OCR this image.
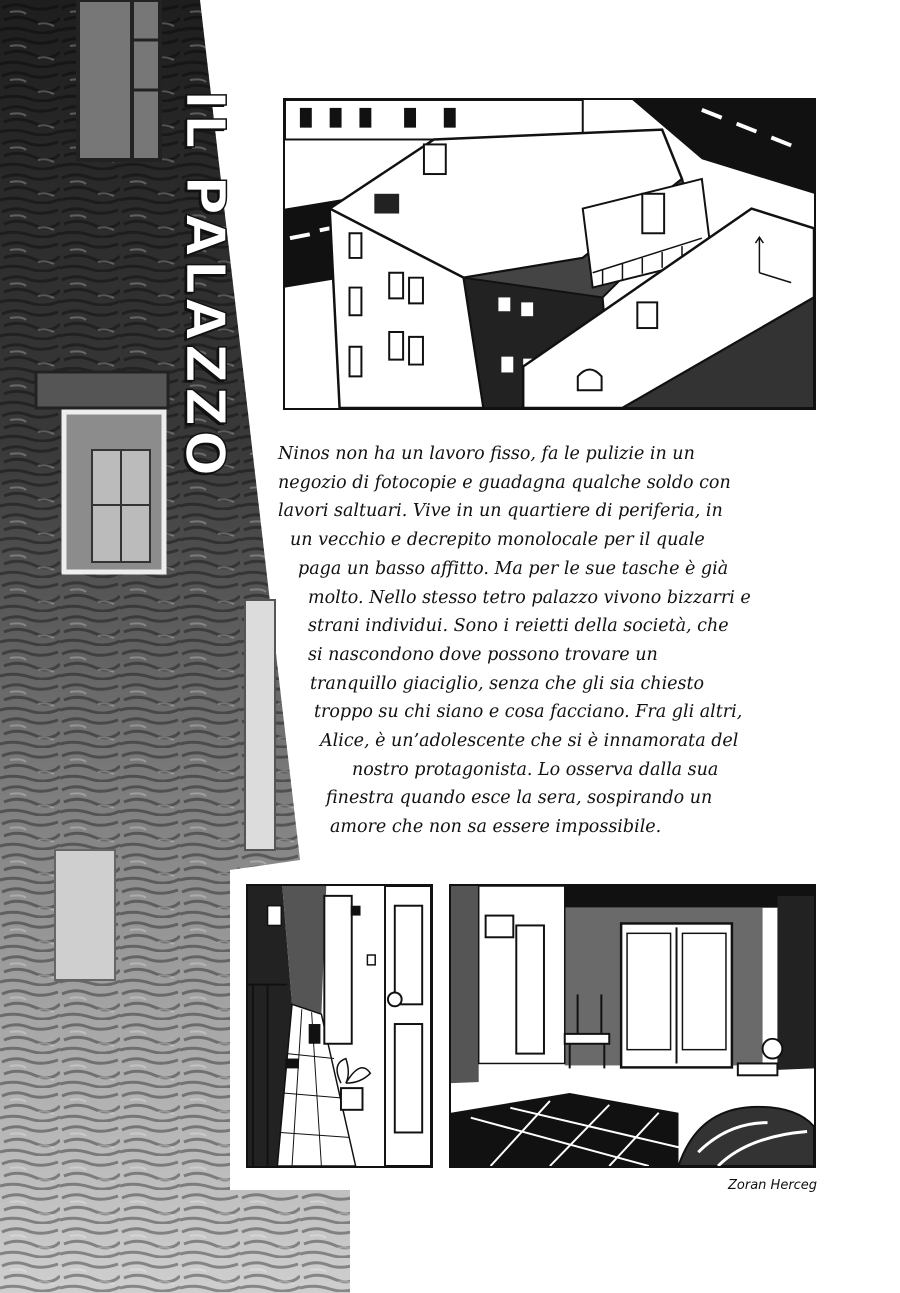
IL PALAZZO Ninos non ha un lavoro fisso, fa le pulizie in un
negozio di fotocopie e guadagna qualche soldo con
lavori saltuari. Vive in un quartiere di periferia, in
un vecchio e decrepito monolocale per il quale
paga un basso affitto. Ma per le sue tasche è già
molto. Nello stesso tetro palazzo vivono bizzarri e
strani individui. Sono i reietti della società, che
si nascondono dove possono trovare un
tranquillo giaciglio, senza che gli sia chiesto
troppo su chi siano e cosa facciano. Fra gli altri,
Alice, è un’adolescente che si è innamorata del
nostro protagonista. Lo osserva dalla sua
finestra quando esce la sera, sospirando un
amore che non sa essere impossibile.
Zoran Herceg
